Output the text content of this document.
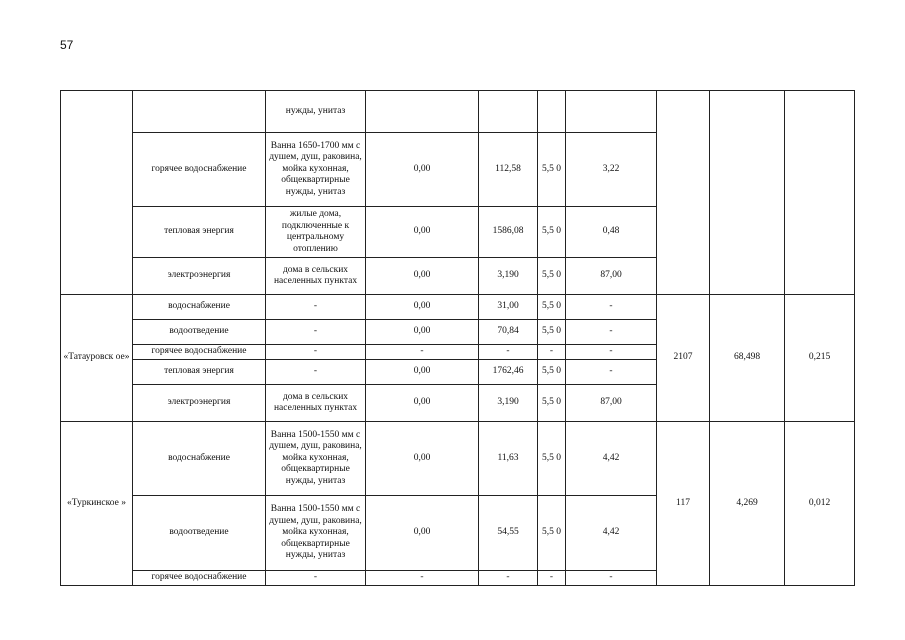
57
		нужды, унитаз							
	горячее водоснабжение	Ванна 1650-1700 мм с душем, душ, раковина, мойка кухонная, общеквартирные нужды, унитаз	0,00	112,58	5,5 0	3,22			
	тепловая энергия	жилые дома, подключенные к центральному отоплению	0,00	1586,08	5,5 0	0,48			
	электроэнергия	дома в сельских населенных пунктах	0,00	3,190	5,5 0	87,00			
«Татауровск ое»	водоснабжение	-	0,00	31,00	5,5 0	-	2107	68,498	0,215
	водоотведение	-	0,00	70,84	5,5 0	-			
	горячее водоснабжение	-	-	-	-	-			
	тепловая энергия	-	0,00	1762,46	5,5 0	-			
	электроэнергия	дома в сельских населенных пунктах	0,00	3,190	5,5 0	87,00			
«Туркинское »	водоснабжение	Ванна 1500-1550 мм с душем, душ, раковина, мойка кухонная, общеквартирные нужды, унитаз	0,00	11,63	5,5 0	4,42	117	4,269	0,012
	водоотведение	Ванна 1500-1550 мм с душем, душ, раковина, мойка кухонная, общеквартирные нужды, унитаз	0,00	54,55	5,5 0	4,42			
	горячее водоснабжение	-	-	-	-	-			
